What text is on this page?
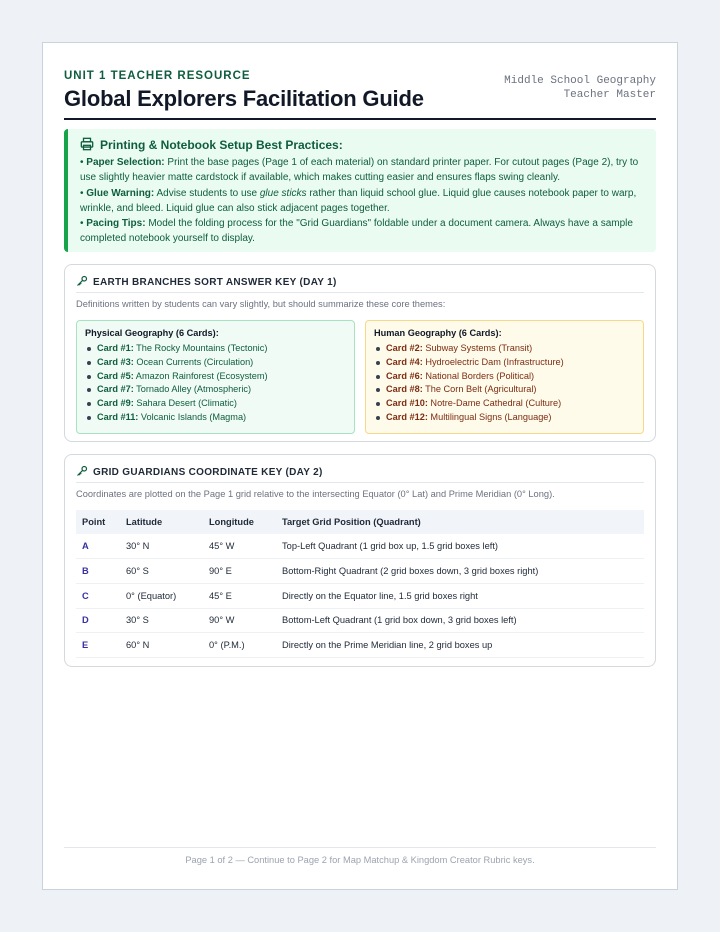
UNIT 1 TEACHER RESOURCE
Global Explorers Facilitation Guide
Middle School Geography
Teacher Master
Printing & Notebook Setup Best Practices:
• Paper Selection: Print the base pages (Page 1 of each material) on standard printer paper. For cutout pages (Page 2), try to use slightly heavier matte cardstock if available, which makes cutting easier and ensures flaps swing cleanly.
• Glue Warning: Advise students to use glue sticks rather than liquid school glue. Liquid glue causes notebook paper to warp, wrinkle, and bleed. Liquid glue can also stick adjacent pages together.
• Pacing Tips: Model the folding process for the "Grid Guardians" foldable under a document camera. Always have a sample completed notebook yourself to display.
EARTH BRANCHES SORT ANSWER KEY (DAY 1)
Definitions written by students can vary slightly, but should summarize these core themes:
Physical Geography (6 Cards):
Card #1: The Rocky Mountains (Tectonic)
Card #3: Ocean Currents (Circulation)
Card #5: Amazon Rainforest (Ecosystem)
Card #7: Tornado Alley (Atmospheric)
Card #9: Sahara Desert (Climatic)
Card #11: Volcanic Islands (Magma)
Human Geography (6 Cards):
Card #2: Subway Systems (Transit)
Card #4: Hydroelectric Dam (Infrastructure)
Card #6: National Borders (Political)
Card #8: The Corn Belt (Agricultural)
Card #10: Notre-Dame Cathedral (Culture)
Card #12: Multilingual Signs (Language)
GRID GUARDIANS COORDINATE KEY (DAY 2)
Coordinates are plotted on the Page 1 grid relative to the intersecting Equator (0° Lat) and Prime Meridian (0° Long).
Point	Latitude	Longitude	Target Grid Position (Quadrant)
A	30° N	45° W	Top-Left Quadrant (1 grid box up, 1.5 grid boxes left)
B	60° S	90° E	Bottom-Right Quadrant (2 grid boxes down, 3 grid boxes right)
C	0° (Equator)	45° E	Directly on the Equator line, 1.5 grid boxes right
D	30° S	90° W	Bottom-Left Quadrant (1 grid box down, 3 grid boxes left)
E	60° N	0° (P.M.)	Directly on the Prime Meridian line, 2 grid boxes up
Page 1 of 2 — Continue to Page 2 for Map Matchup & Kingdom Creator Rubric keys.
